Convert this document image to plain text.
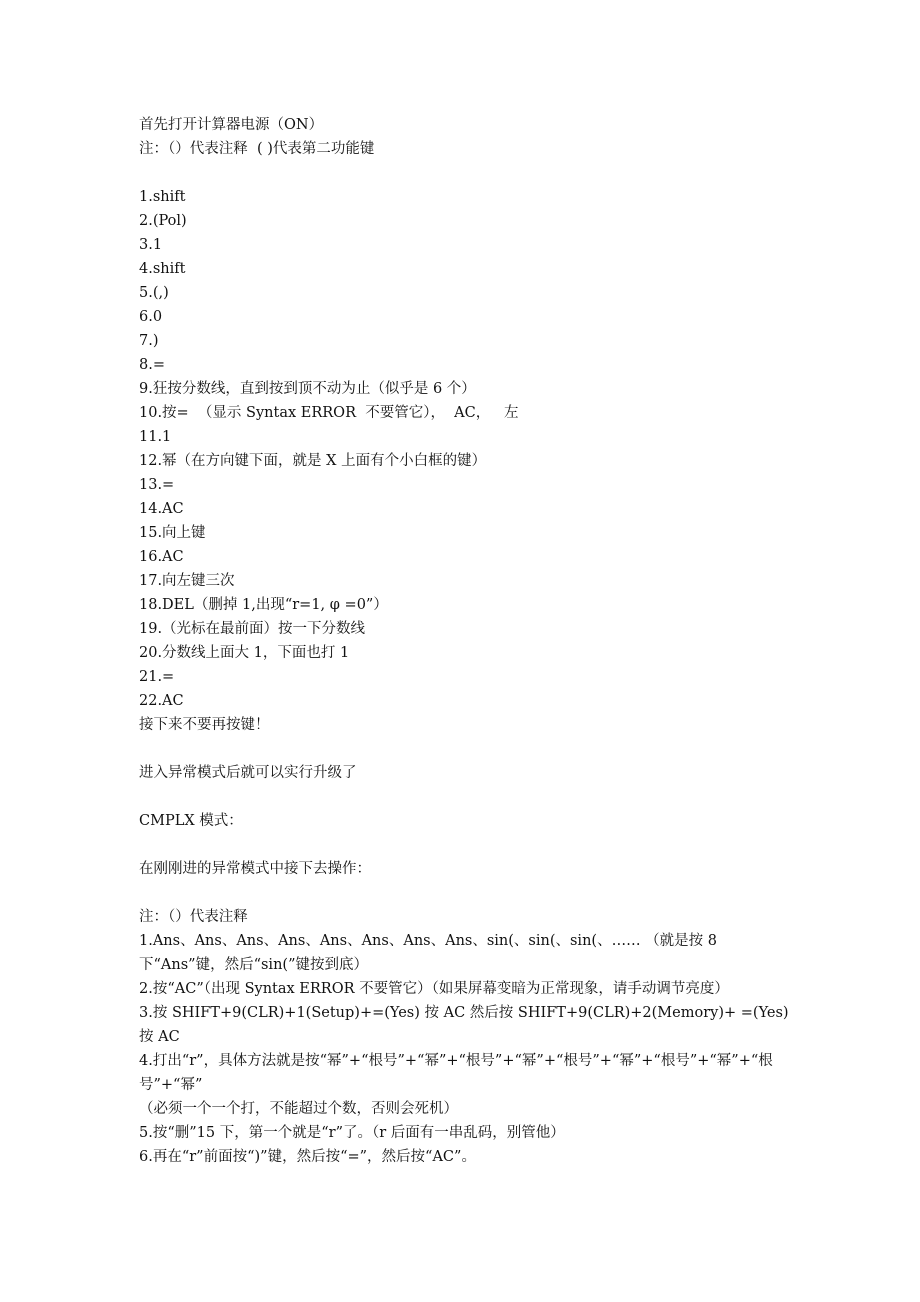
首先打开计算器电源（ON）

注：（）代表注释  ( )代表第二功能键

1.shift

2.(Pol)

3.1

4.shift

5.(,)

6.0

7.)

8.=

9.狂按分数线，直到按到顶不动为止（似乎是 6 个）

10.按=  （显示 Syntax ERROR  不要管它），  AC，   左

11.1

12.幂（在方向键下面，就是 X 上面有个小白框的键）

13.=

14.AC

15.向上键

16.AC

17.向左键三次

18.DEL（删掉 1,出现“r=1, φ =0”）

19.（光标在最前面）按一下分数线

20.分数线上面大 1，下面也打 1

21.=

22.AC

接下来不要再按键！

进入异常模式后就可以实行升级了

CMPLX 模式：

在刚刚进的异常模式中接下去操作：

注：（）代表注释

1.Ans、Ans、Ans、Ans、Ans、Ans、Ans、Ans、sin(、sin(、sin(、…… （就是按 8 下“Ans”键，然后“sin(”键按到底）

2.按“AC”（出现 Syntax ERROR 不要管它）（如果屏幕变暗为正常现象，请手动调节亮度）

3.按 SHIFT+9(CLR)+1(Setup)+=(Yes) 按 AC 然后按 SHIFT+9(CLR)+2(Memory)+ =(Yes) 按 AC

4.打出“r”，具体方法就是按“幂”+“根号”+“幂”+“根号”+“幂”+“根号”+“幂”+“根号”+“幂”+“根号”+“幂”

（必须一个一个打，不能超过个数，否则会死机）

5.按“删”15 下，第一个就是“r”了。（r 后面有一串乱码，别管他）

6.再在“r”前面按“)”键，然后按“=”，然后按“AC”。
